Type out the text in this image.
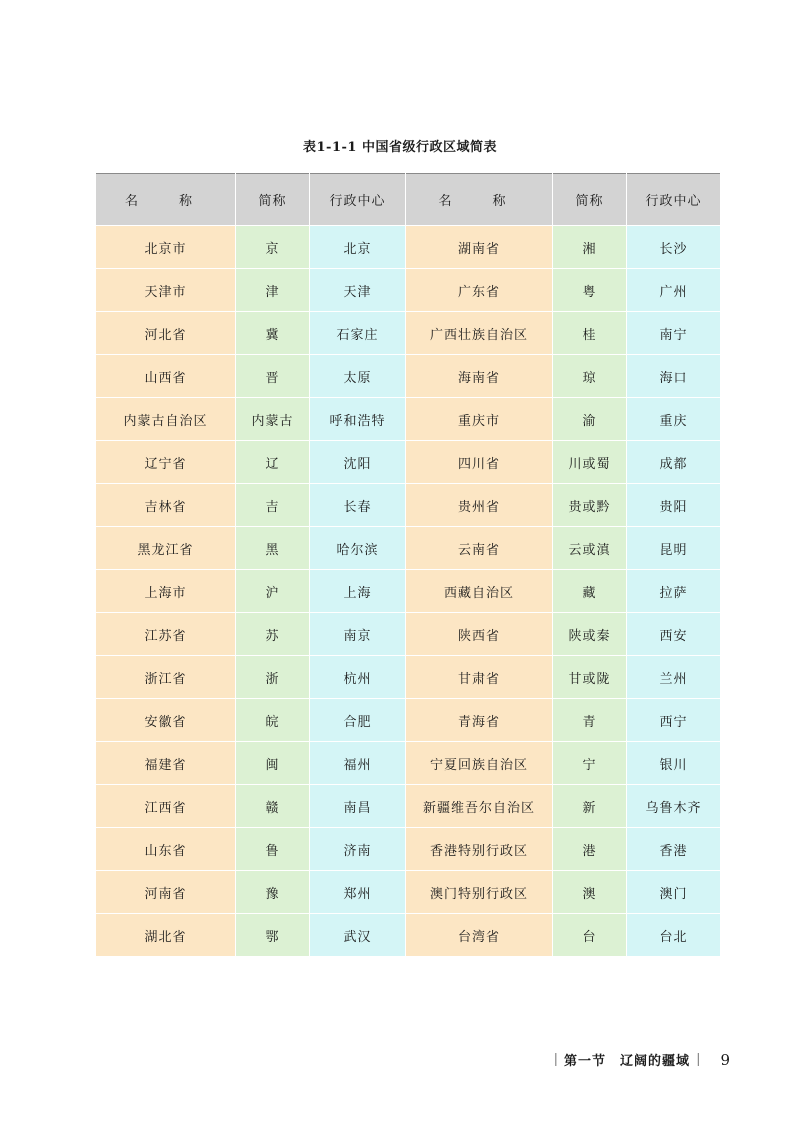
表1-1-1 中国省级行政区域简表
名　称	简称	行政中心	名　称	简称	行政中心
北京市	京	北京	湖南省	湘	长沙
天津市	津	天津	广东省	粤	广州
河北省	冀	石家庄	广西壮族自治区	桂	南宁
山西省	晋	太原	海南省	琼	海口
内蒙古自治区	内蒙古	呼和浩特	重庆市	渝	重庆
辽宁省	辽	沈阳	四川省	川或蜀	成都
吉林省	吉	长春	贵州省	贵或黔	贵阳
黑龙江省	黑	哈尔滨	云南省	云或滇	昆明
上海市	沪	上海	西藏自治区	藏	拉萨
江苏省	苏	南京	陕西省	陕或秦	西安
浙江省	浙	杭州	甘肃省	甘或陇	兰州
安徽省	皖	合肥	青海省	青	西宁
福建省	闽	福州	宁夏回族自治区	宁	银川
江西省	赣	南昌	新疆维吾尔自治区	新	乌鲁木齐
山东省	鲁	济南	香港特别行政区	港	香港
河南省	豫	郑州	澳门特别行政区	澳	澳门
湖北省	鄂	武汉	台湾省	台	台北
| 第一节　辽阔的疆域 | 9
